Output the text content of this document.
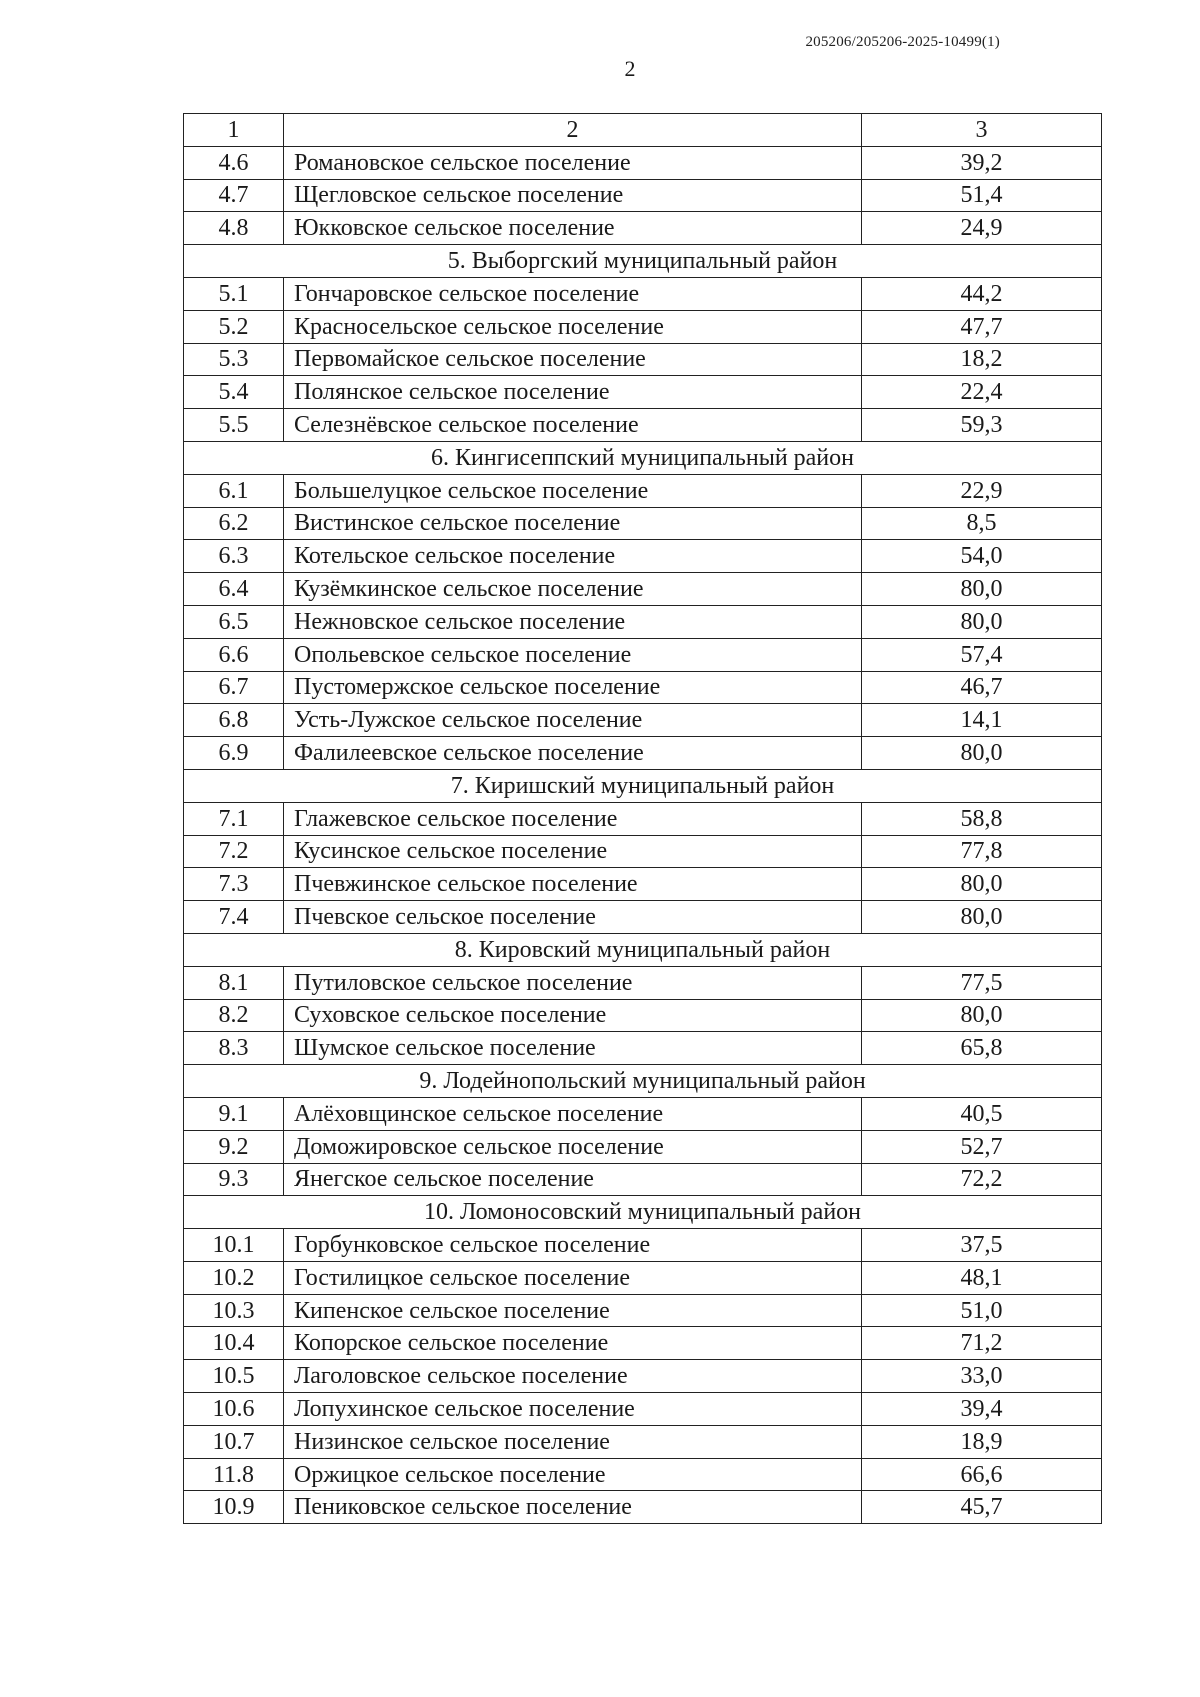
205206/205206-2025-10499(1)
2
1	2	3
4.6	Романовское сельское поселение	39,2
4.7	Щегловское сельское поселение	51,4
4.8	Юкковское сельское поселение	24,9
5. Выборгский муниципальный район		
5.1	Гончаровское сельское поселение	44,2
5.2	Красносельское сельское поселение	47,7
5.3	Первомайское сельское поселение	18,2
5.4	Полянское сельское поселение	22,4
5.5	Селезнёвское сельское поселение	59,3
6. Кингисеппский муниципальный район		
6.1	Большелуцкое сельское поселение	22,9
6.2	Вистинское сельское поселение	8,5
6.3	Котельское сельское поселение	54,0
6.4	Кузёмкинское сельское поселение	80,0
6.5	Нежновское сельское поселение	80,0
6.6	Опольевское сельское поселение	57,4
6.7	Пустомержское сельское поселение	46,7
6.8	Усть-Лужское сельское поселение	14,1
6.9	Фалилеевское сельское поселение	80,0
7. Киришский муниципальный район		
7.1	Глажевское сельское поселение	58,8
7.2	Кусинское сельское поселение	77,8
7.3	Пчевжинское сельское поселение	80,0
7.4	Пчевское сельское поселение	80,0
8. Кировский муниципальный район		
8.1	Путиловское сельское поселение	77,5
8.2	Суховское сельское поселение	80,0
8.3	Шумское сельское поселение	65,8
9. Лодейнопольский муниципальный район		
9.1	Алёховщинское сельское поселение	40,5
9.2	Доможировское сельское поселение	52,7
9.3	Янегское сельское поселение	72,2
10. Ломоносовский муниципальный район		
10.1	Горбунковское сельское поселение	37,5
10.2	Гостилицкое сельское поселение	48,1
10.3	Кипенское сельское поселение	51,0
10.4	Копорское сельское поселение	71,2
10.5	Лаголовское сельское поселение	33,0
10.6	Лопухинское сельское поселение	39,4
10.7	Низинское сельское поселение	18,9
11.8	Оржицкое сельское поселение	66,6
10.9	Пениковское сельское поселение	45,7
